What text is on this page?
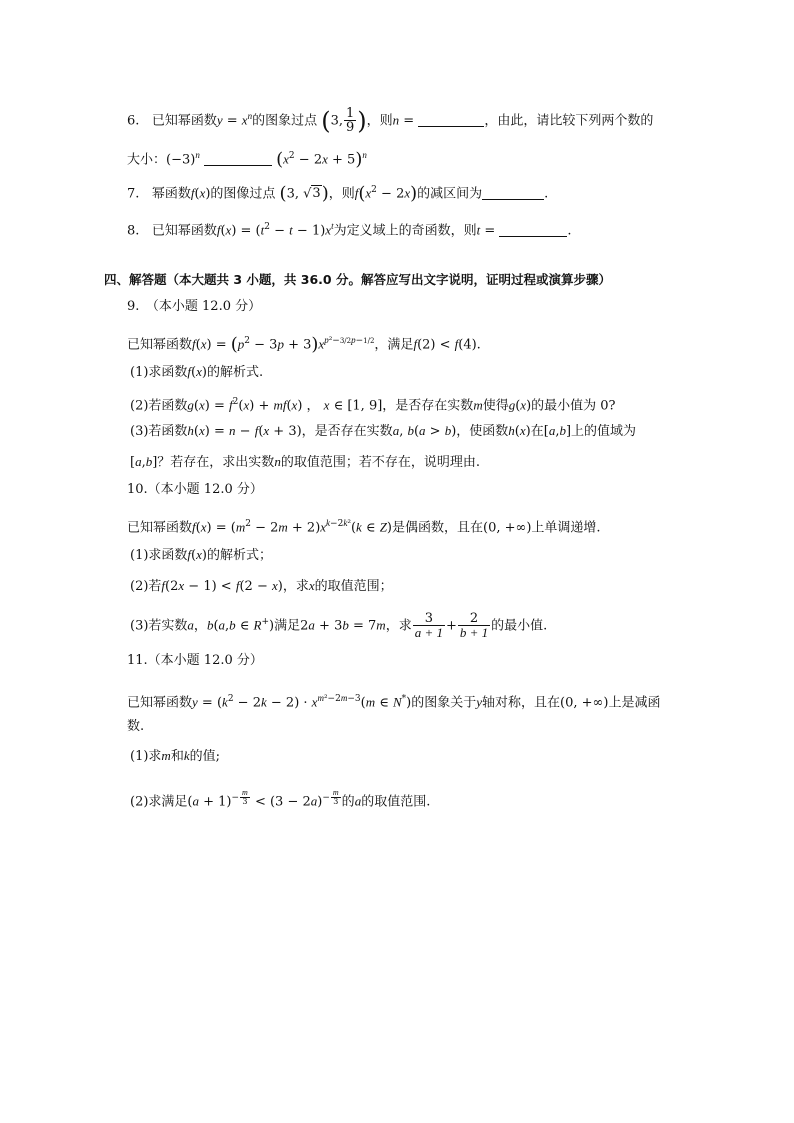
6. 已知幂函数$y = x^n$的图象过点 (3, $\frac{1}{9}$ )，则n =	，由此，请比较下列两个数的
大小：$(-3)^n$	$(x^2 - 2x + 5)^n$
7. 幂函数f(x)的图像过点 (3, √3)，则$f(x^2 - 2x)$的减区间为	.
8. 已知幂函数$f(x) = (t^2 - t - 1)x^t$为定义域上的奇函数，则t =	.
四、解答题（本大题共 3 小题，共 36.0 分。解答应写出文字说明，证明过程或演算步骤）
9.　（本小题 12.0 分）
已知幂函数$f(x) = (p^2 - 3p + 3)x^{p^2-3/2p-1/2}$，满足f(2) < f(4).
(1)求函数f(x)的解析式.
(2)若函数$g(x) = f^2(x) + mf(x)$ ， x ∈ [1, 9]，是否存在实数m使得g(x)的最小值为 0?
(3)若函数h(x) = n − f(x + 3)，是否存在实数a, b(a > b)，使函数h(x)在[a,b]上的值域为
[a,b]？若存在，求出实数n的取值范围；若不存在，说明理由.
10.（本小题 12.0 分）
已知幂函数$f(x) = (m^2 - 2m + 2)x^{k-2k^2}(k$ ∈ Z)是偶函数，且在(0, +∞)上单调递增.
(1)求函数f(x)的解析式；
(2)若f(2x − 1) < f(2 − x)，求x的取值范围；
(3)若实数a，b(a,b ∈ R+)满足2a + 3b = 7m，求 $\frac{3}{a + 1} + \frac{2}{b + 1}$ 的最小值.
11.（本小题 12.0 分）
已知幂函数$y = (k^2 - 2k - 2) \cdot x^{m^2-2m-3}(m$ ∈ N*)的图象关于y轴对称，且在(0, +∞)上是减函
数.
(1)求m和k的值;
(2)求满足$(a + 1)^{- \frac{m}{3}} < (3 - 2a)^{- \frac{m}{3}}$ 的a的取值范围.
